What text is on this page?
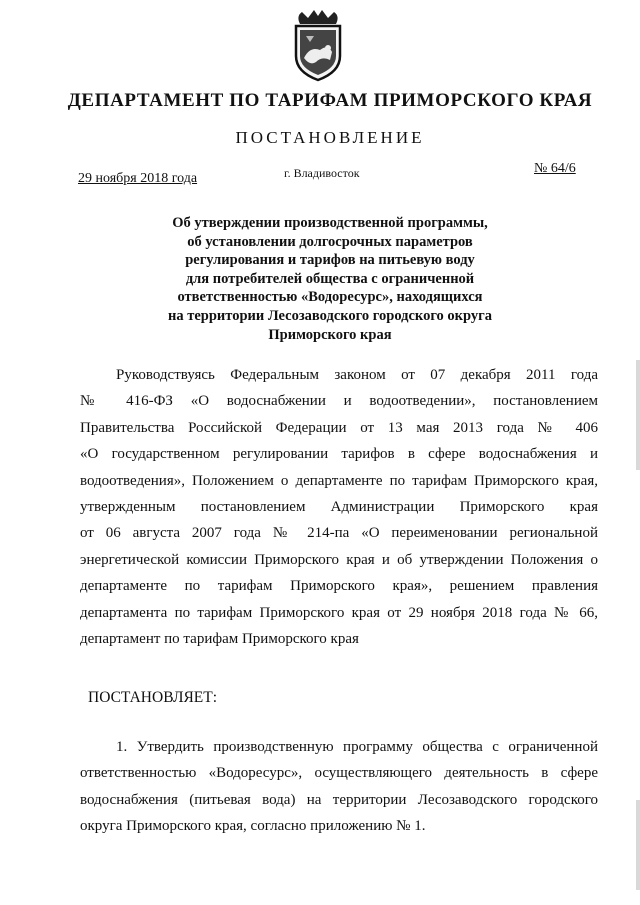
ДЕПАРТАМЕНТ ПО ТАРИФАМ ПРИМОРСКОГО КРАЯ
ПОСТАНОВЛЕНИЕ
29 ноября 2018 года	г. Владивосток	№ 64/6
Об утверждении производственной программы,
об установлении долгосрочных параметров
регулирования и тарифов на питьевую воду
для потребителей общества с ограниченной
ответственностью «Водоресурс», находящихся
на территории Лесозаводского городского округа
Приморского края
Руководствуясь Федеральным законом от 07 декабря 2011 года
№ 416-ФЗ «О водоснабжении и водоотведении», постановлением
Правительства Российской Федерации от 13 мая 2013 года № 406
«О государственном регулировании тарифов в сфере водоснабжения и
водоотведения», Положением о департаменте по тарифам Приморского края,
утвержденным постановлением Администрации Приморского края
от 06 августа 2007 года № 214-па «О переименовании региональной
энергетической комиссии Приморского края и об утверждении Положения о
департаменте по тарифам Приморского края», решением правления
департамента по тарифам Приморского края от 29 ноября 2018 года № 66,
департамент по тарифам Приморского края
ПОСТАНОВЛЯЕТ:
1. Утвердить производственную программу общества с ограниченной
ответственностью «Водоресурс», осуществляющего деятельность в сфере
водоснабжения (питьевая вода) на территории Лесозаводского городского
округа Приморского края, согласно приложению № 1.
